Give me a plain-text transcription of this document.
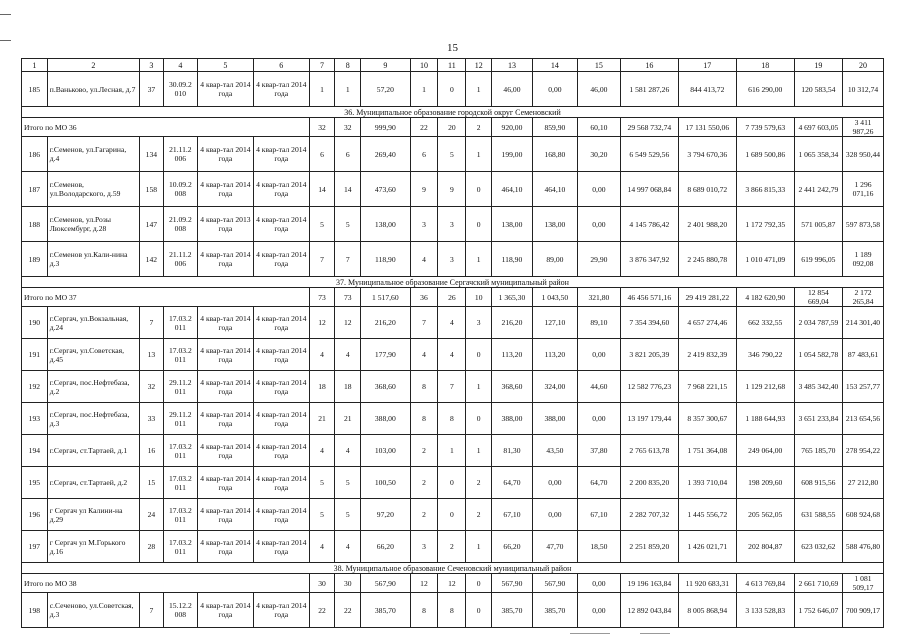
15
1	2	3	4	5	6	7	8	9	10	11	12	13	14	15	16	17	18	19	20
185	п.Ваньково, ул.Лесная, д.7	37	30.09.2 010	4 квар-тал 2014 года	4 квар-тал 2014 года	1	1	57,20	1	0	1	46,00	0,00	46,00	1 581 287,26	844 413,72	616 290,00	120 583,54	10 312,74
36. Муниципальное образование городской округ Семеновский																			
Итого по МО 36						32	32	999,90	22	20	2	920,00	859,90	60,10	29 568 732,74	17 131 550,06	7 739 579,63	4 697 603,05	3 411 987,26
186	г.Семенов, ул.Гагарина, д.4	134	21.11.2 006	4 квар-тал 2014 года	4 квар-тал 2014 года	6	6	269,40	6	5	1	199,00	168,80	30,20	6 549 529,56	3 794 670,36	1 689 500,86	1 065 358,34	328 950,44
187	г.Семенов, ул.Володарского, д.59	158	10.09.2 008	4 квар-тал 2014 года	4 квар-тал 2014 года	14	14	473,60	9	9	0	464,10	464,10	0,00	14 997 068,84	8 689 010,72	3 866 815,33	2 441 242,79	1 296 071,16
188	г.Семенов, ул.Розы Люксембург, д.28	147	21.09.2 008	4 квар-тал 2013 года	4 квар-тал 2014 года	5	5	138,00	3	3	0	138,00	138,00	0,00	4 145 786,42	2 401 988,20	1 172 792,35	571 005,87	597 873,58
189	г.Семенов ул.Кали-нина д.3	142	21.11.2 006	4 квар-тал 2014 года	4 квар-тал 2014 года	7	7	118,90	4	3	1	118,90	89,00	29,90	3 876 347,92	2 245 880,78	1 010 471,09	619 996,05	1 189 092,08
37. Муниципальное образование Сергачский муниципальный район																			
Итого по МО 37						73	73	1 517,60	36	26	10	1 365,30	1 043,50	321,80	46 456 571,16	29 419 281,22	4 182 620,90	12 854 669,04	2 172 265,84
190	г.Сергач, ул.Вокзальная, д.24	7	17.03.2 011	4 квар-тал 2014 года	4 квар-тал 2014 года	12	12	216,20	7	4	3	216,20	127,10	89,10	7 354 394,60	4 657 274,46	662 332,55	2 034 787,59	214 301,40
191	г.Сергач, ул.Советская, д.45	13	17.03.2 011	4 квар-тал 2014 года	4 квар-тал 2014 года	4	4	177,90	4	4	0	113,20	113,20	0,00	3 821 205,39	2 419 832,39	346 790,22	1 054 582,78	87 483,61
192	г.Сергач, пос.Нефтебаза, д.2	32	29.11.2 011	4 квар-тал 2014 года	4 квар-тал 2014 года	18	18	368,60	8	7	1	368,60	324,00	44,60	12 582 776,23	7 968 221,15	1 129 212,68	3 485 342,40	153 257,77
193	г.Сергач, пос.Нефтебаза, д.3	33	29.11.2 011	4 квар-тал 2014 года	4 квар-тал 2014 года	21	21	388,00	8	8	0	388,00	388,00	0,00	13 197 179,44	8 357 300,67	1 188 644,93	3 651 233,84	213 654,56
194	г.Сергач, ст.Тартаей, д.1	16	17.03.2 011	4 квар-тал 2014 года	4 квар-тал 2014 года	4	4	103,00	2	1	1	81,30	43,50	37,80	2 765 613,78	1 751 364,08	249 064,00	765 185,70	278 954,22
195	г.Сергач, ст.Тартаей, д.2	15	17.03.2 011	4 квар-тал 2014 года	4 квар-тал 2014 года	5	5	100,50	2	0	2	64,70	0,00	64,70	2 200 835,20	1 393 710,04	198 209,60	608 915,56	27 212,80
196	г Сергач ул Калини-на д.29	24	17.03.2 011	4 квар-тал 2014 года	4 квар-тал 2014 года	5	5	97,20	2	0	2	67,10	0,00	67,10	2 282 707,32	1 445 556,72	205 562,05	631 588,55	608 924,68
197	г Сергач ул М.Горького д.16	28	17.03.2 011	4 квар-тал 2014 года	4 квар-тал 2014 года	4	4	66,20	3	2	1	66,20	47,70	18,50	2 251 859,20	1 426 021,71	202 804,87	623 032,62	588 476,80
38. Муниципальное образование Сеченовский муниципальный район																			
Итого по МО 38						30	30	567,90	12	12	0	567,90	567,90	0,00	19 196 163,84	11 920 683,31	4 613 769,84	2 661 710,69	1 081 509,17
198	с.Сеченово, ул.Советская, д.3	7	15.12.2 008	4 квар-тал 2014 года	4 квар-тал 2014 года	22	22	385,70	8	8	0	385,70	385,70	0,00	12 892 043,84	8 005 868,94	3 133 528,83	1 752 646,07	700 909,17
